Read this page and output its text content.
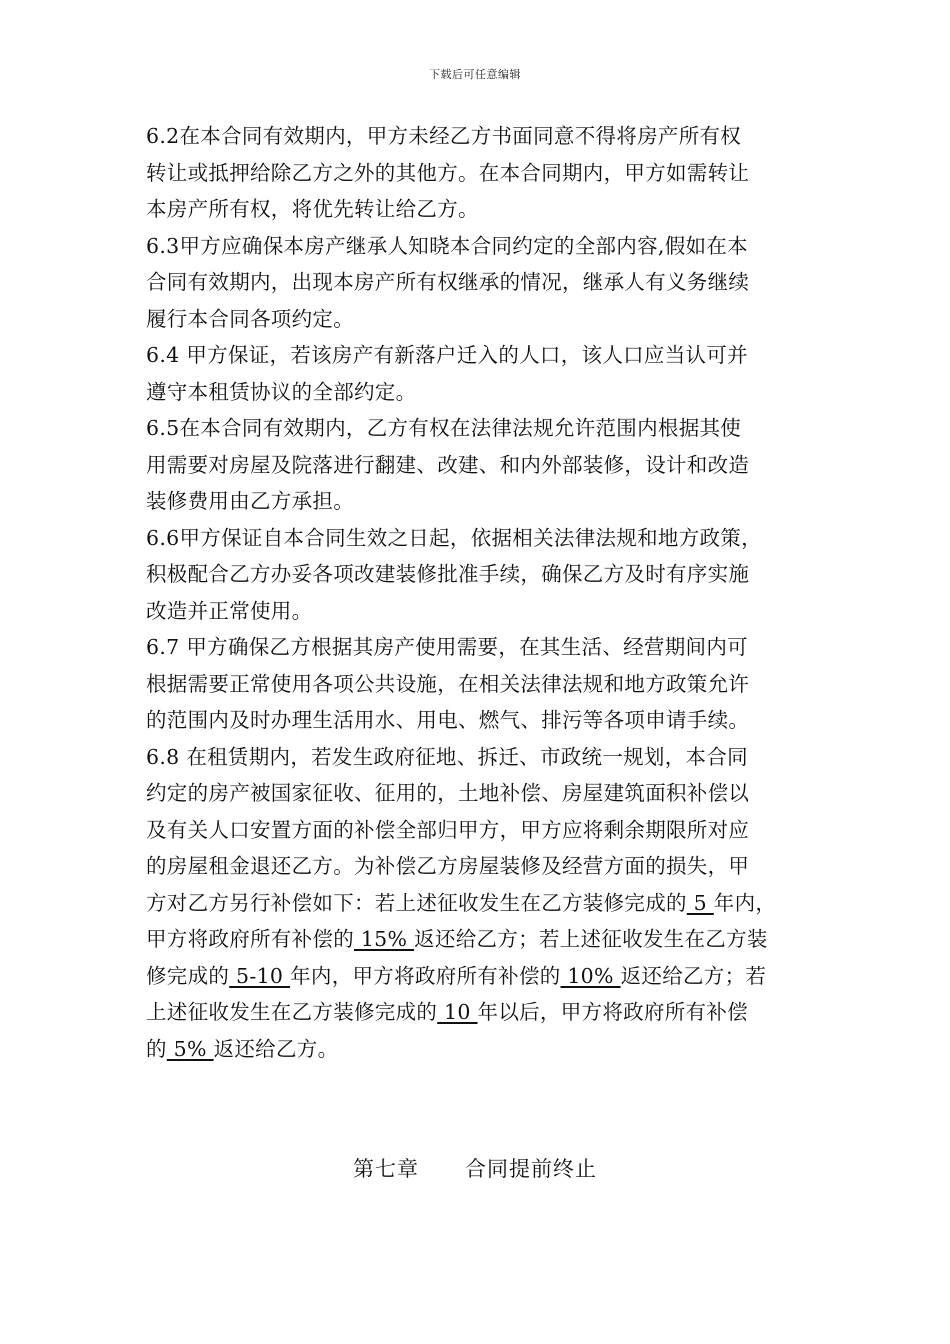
下载后可任意编辑
6.2在本合同有效期内，甲方未经乙方书面同意不得将房产所有权
转让或抵押给除乙方之外的其他方。在本合同期内，甲方如需转让
本房产所有权，将优先转让给乙方。
6.3甲方应确保本房产继承人知晓本合同约定的全部内容,假如在本
合同有效期内，出现本房产所有权继承的情况，继承人有义务继续
履行本合同各项约定。
6.4 甲方保证，若该房产有新落户迁入的人口，该人口应当认可并
遵守本租赁协议的全部约定。
6.5在本合同有效期内，乙方有权在法律法规允许范围内根据其使
用需要对房屋及院落进行翻建、改建、和内外部装修，设计和改造
装修费用由乙方承担。
6.6甲方保证自本合同生效之日起，依据相关法律法规和地方政策，
积极配合乙方办妥各项改建装修批准手续，确保乙方及时有序实施
改造并正常使用。
6.7 甲方确保乙方根据其房产使用需要，在其生活、经营期间内可
根据需要正常使用各项公共设施，在相关法律法规和地方政策允许
的范围内及时办理生活用水、用电、燃气、排污等各项申请手续。
6.8 在租赁期内，若发生政府征地、拆迁、市政统一规划，本合同
约定的房产被国家征收、征用的，土地补偿、房屋建筑面积补偿以
及有关人口安置方面的补偿全部归甲方，甲方应将剩余期限所对应
的房屋租金退还乙方。为补偿乙方房屋装修及经营方面的损失，甲
方对乙方另行补偿如下：若上述征收发生在乙方装修完成的 5 年内，
甲方将政府所有补偿的 15% 返还给乙方；若上述征收发生在乙方装
修完成的 5-10 年内，甲方将政府所有补偿的 10% 返还给乙方；若
上述征收发生在乙方装修完成的 10 年以后，甲方将政府所有补偿
的 5% 返还给乙方。
第七章 合同提前终止
